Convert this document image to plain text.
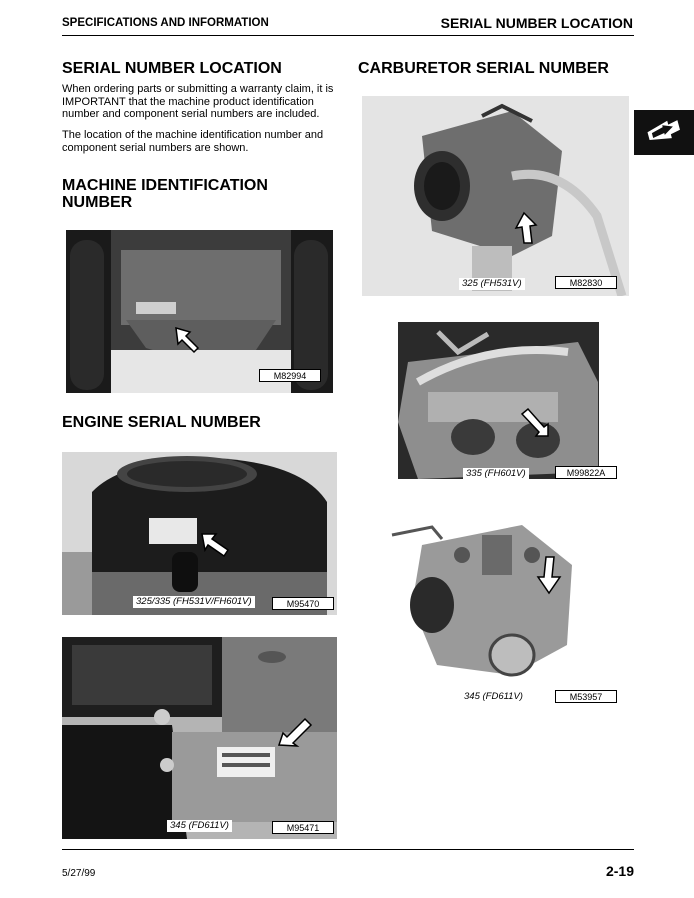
SPECIFICATIONS AND INFORMATION	SERIAL NUMBER LOCATION
SERIAL NUMBER LOCATION

When ordering parts or submitting a warranty claim, it is IMPORTANT that the machine product identification number and component serial numbers are included.

The location of the machine identification number and component serial numbers are shown.

MACHINE IDENTIFICATION NUMBER
M82994
ENGINE SERIAL NUMBER
325/335 (FH531V/FH601V)	M95470
345 (FD611V)	M95471
CARBURETOR SERIAL NUMBER
325 (FH531V)	M82830
335 (FH601V)	M99822A
345 (FD611V)	M53957
5/27/99	2-19
